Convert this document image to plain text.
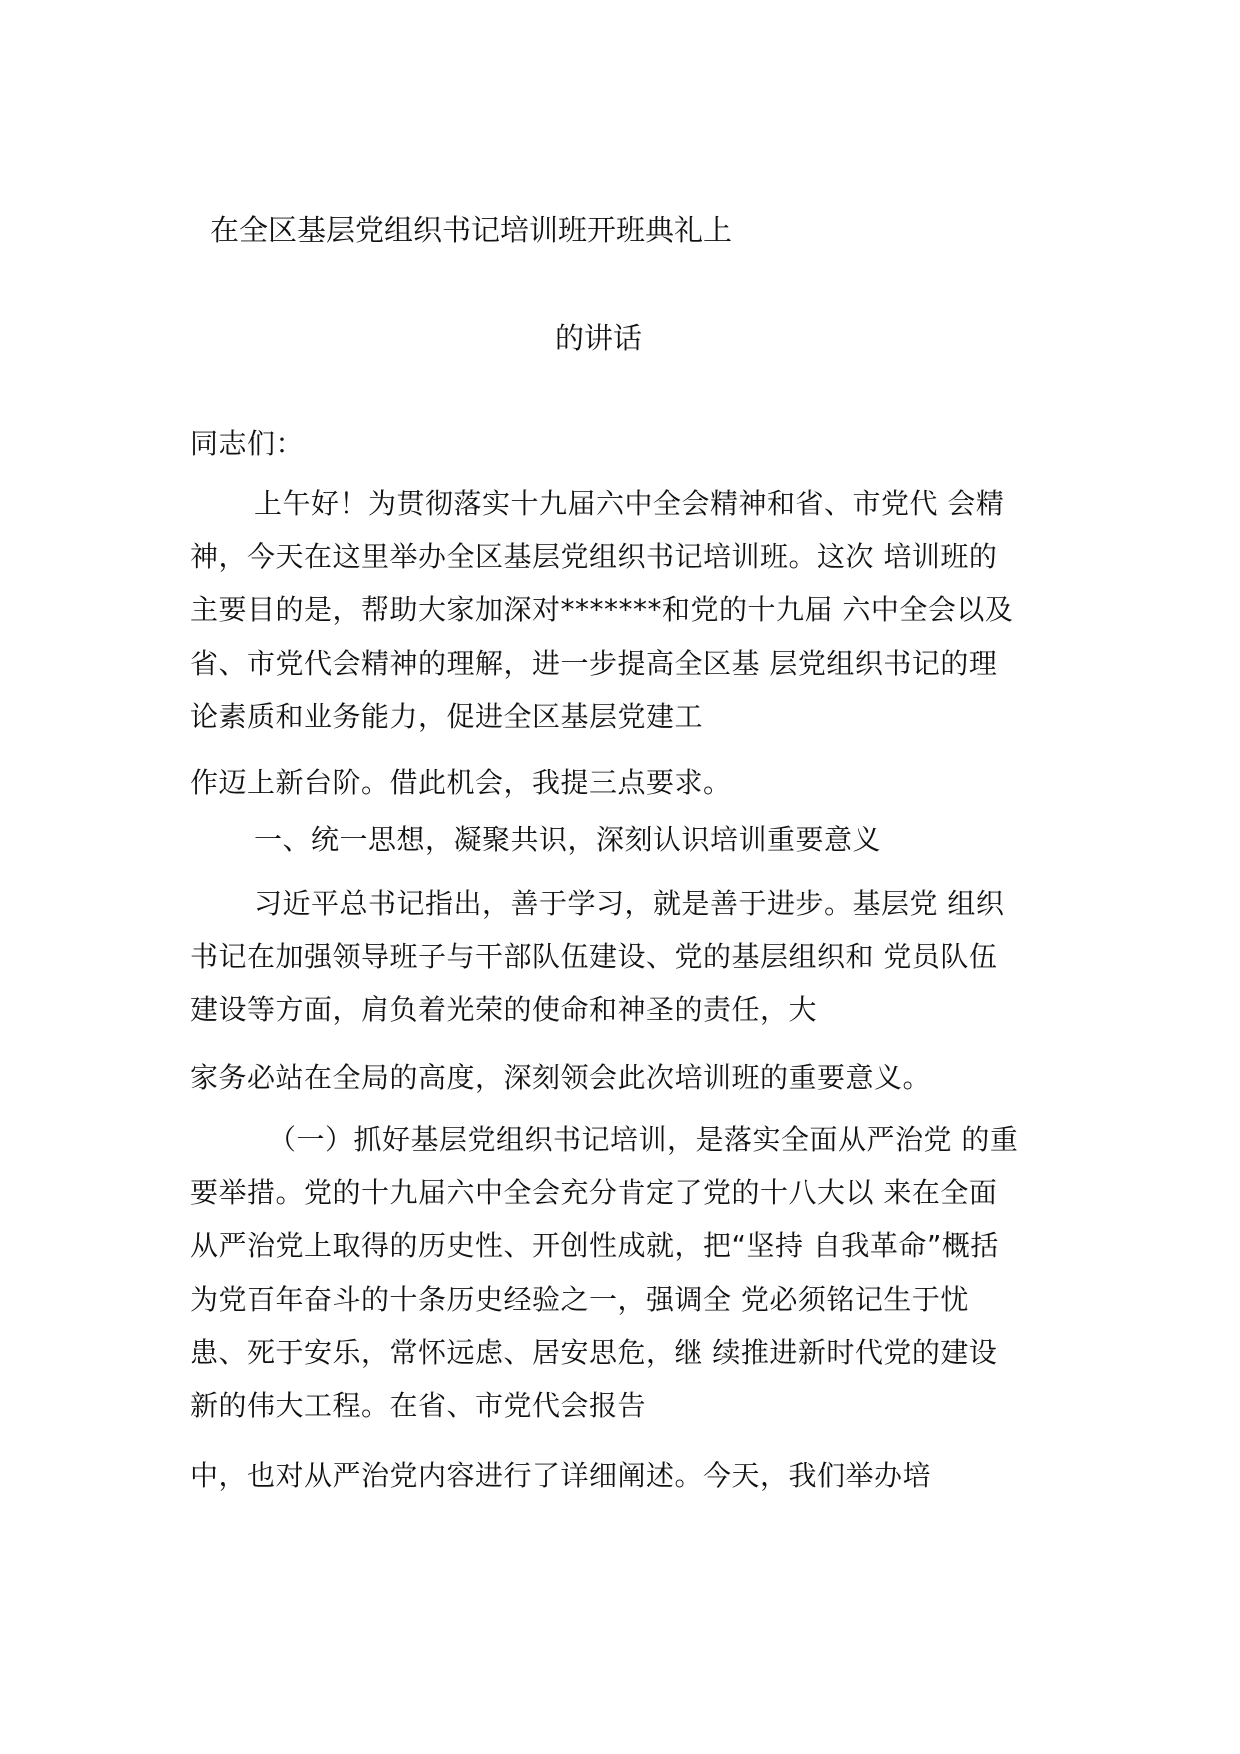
在全区基层党组织书记培训班开班典礼上
的讲话
同志们：
上午好！为贯彻落实十九届六中全会精神和省、市党代 会精
神，今天在这里举办全区基层党组织书记培训班。这次 培训班的
主要目的是，帮助大家加深对*******和党的十九届 六中全会以及
省、市党代会精神的理解，进一步提高全区基 层党组织书记的理
论素质和业务能力，促进全区基层党建工
作迈上新台阶。借此机会，我提三点要求。
一、统一思想，凝聚共识，深刻认识培训重要意义
习近平总书记指出，善于学习，就是善于进步。基层党 组织
书记在加强领导班子与干部队伍建设、党的基层组织和 党员队伍
建设等方面，肩负着光荣的使命和神圣的责任，大
家务必站在全局的高度，深刻领会此次培训班的重要意义。
（一）抓好基层党组织书记培训，是落实全面从严治党 的重
要举措。党的十九届六中全会充分肯定了党的十八大以 来在全面
从严治党上取得的历史性、开创性成就，把“坚持 自我革命”概括
为党百年奋斗的十条历史经验之一，强调全 党必须铭记生于忧
患、死于安乐，常怀远虑、居安思危，继 续推进新时代党的建设
新的伟大工程。在省、市党代会报告
中，也对从严治党内容进行了详细阐述。今天，我们举办培
